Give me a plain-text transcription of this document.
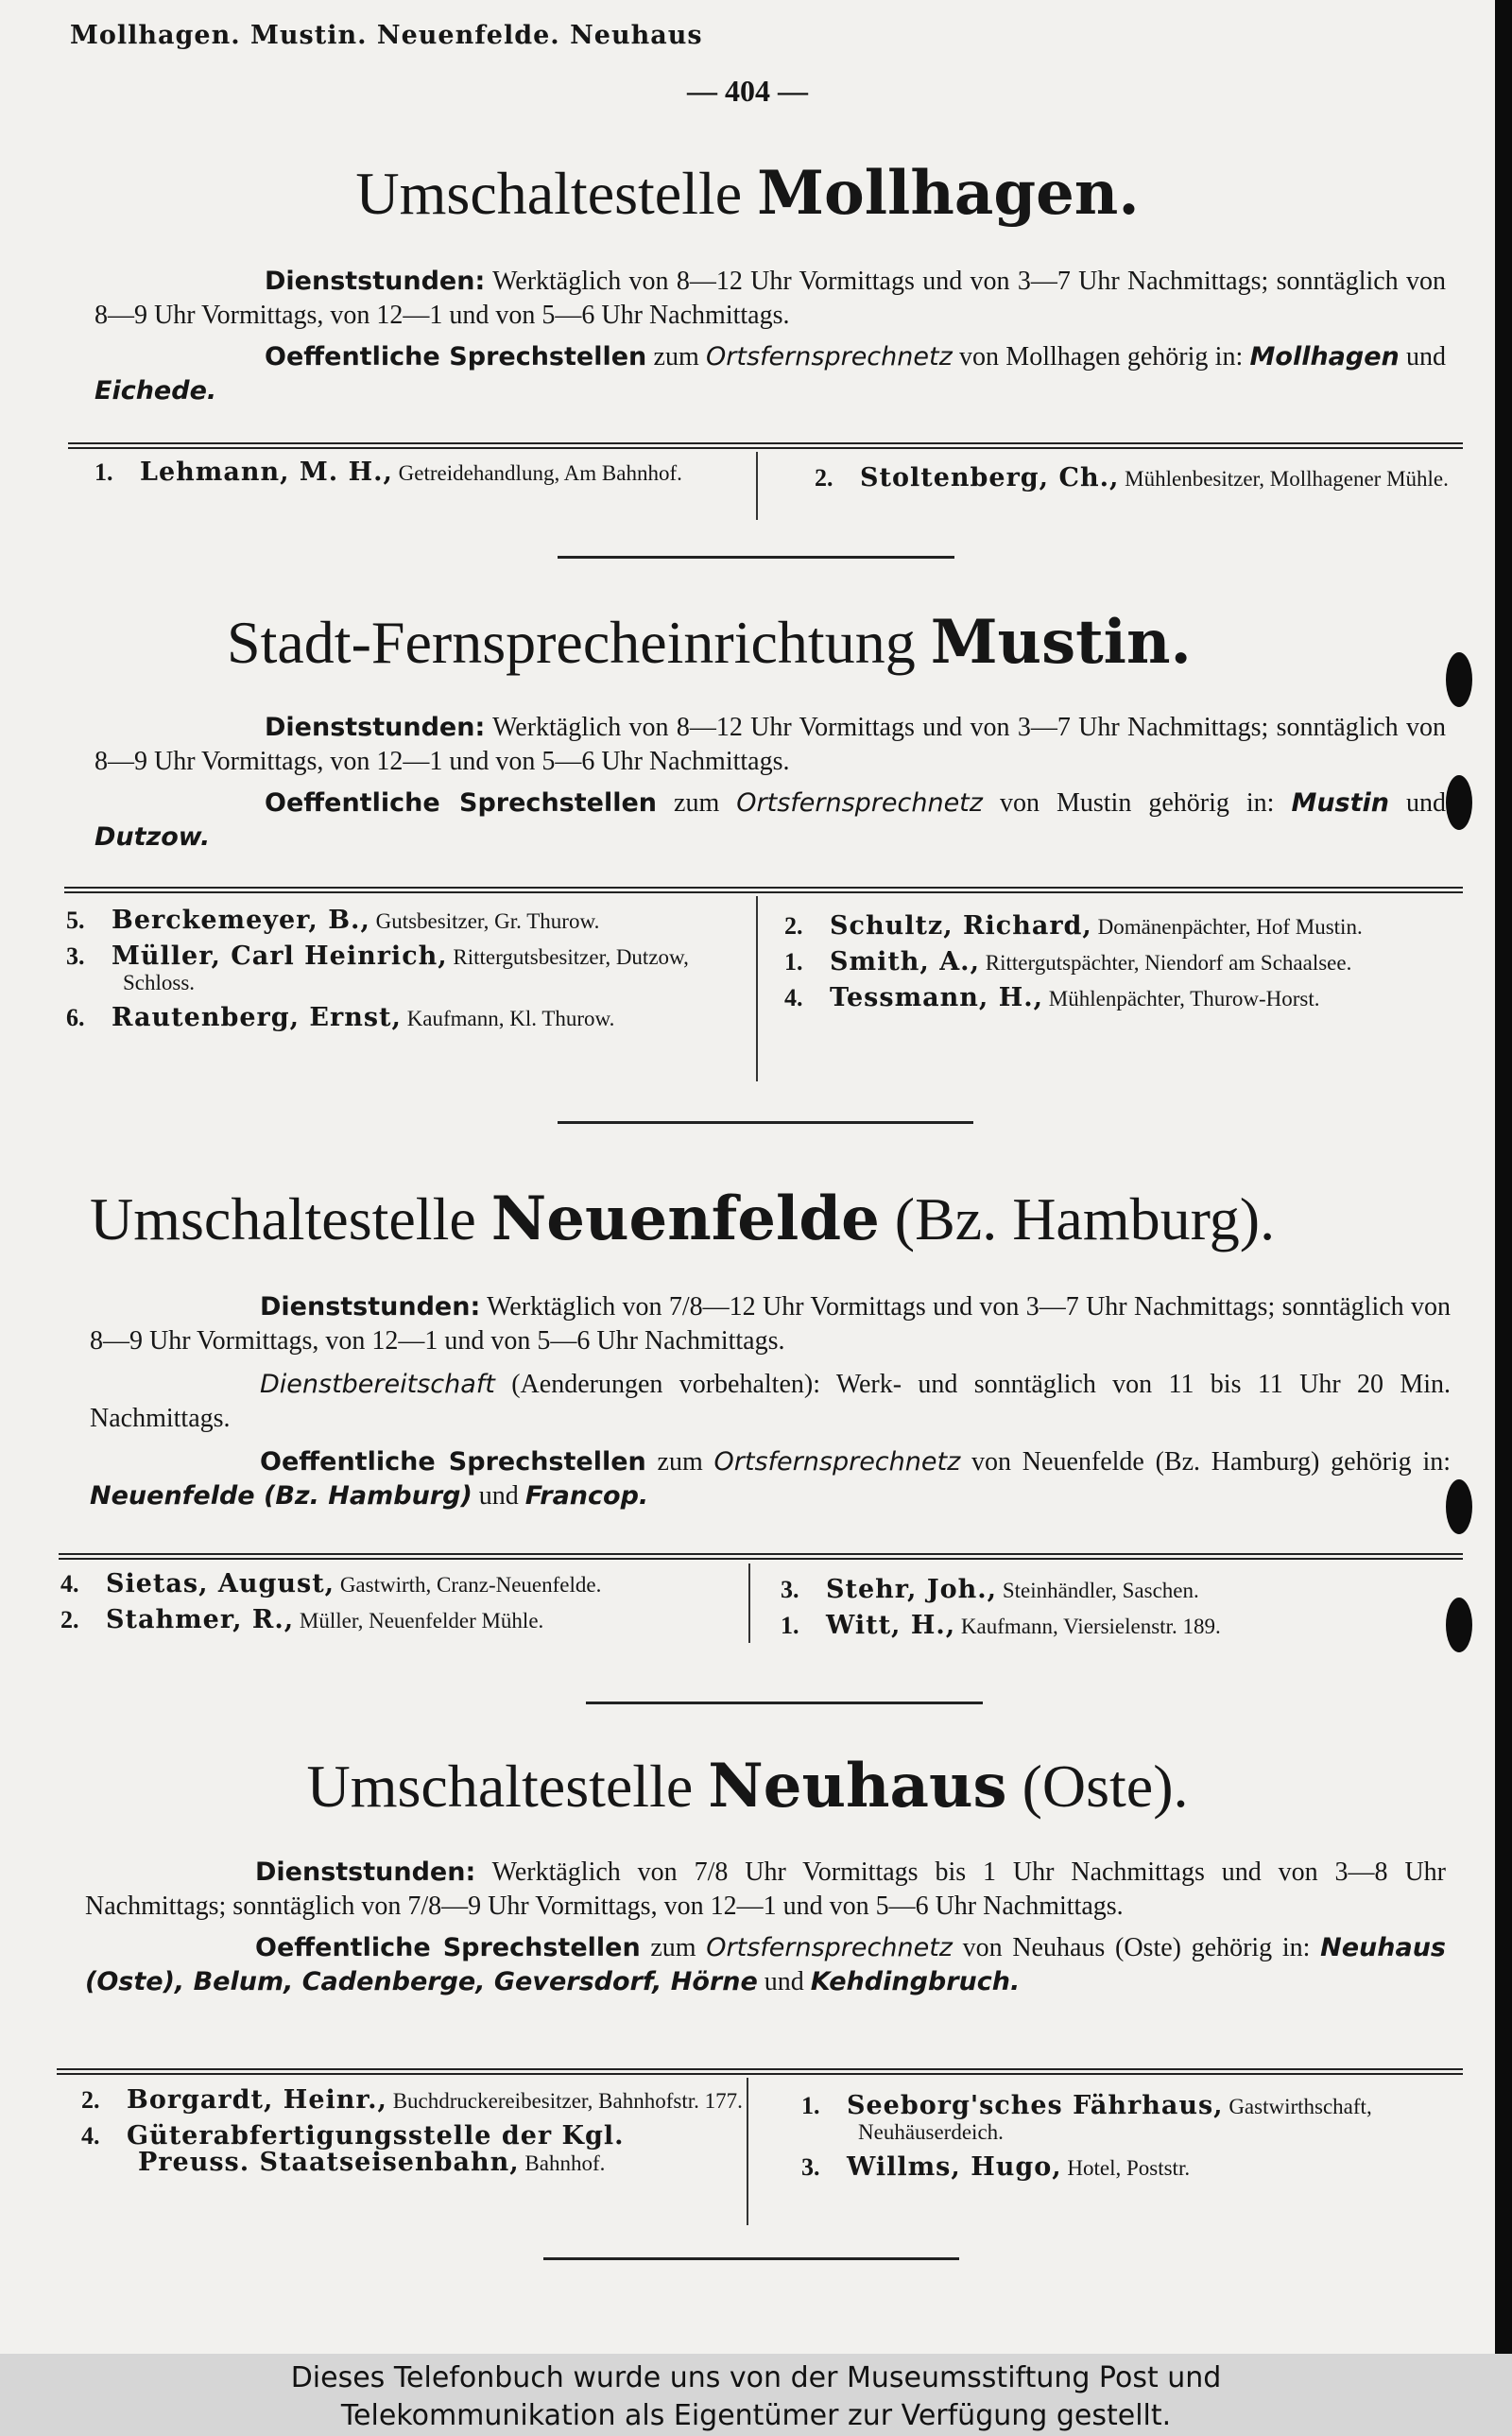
Mollhagen. Mustin. Neuenfelde. Neuhaus
— 404 —
Umschaltestelle Mollhagen.
Dienststunden: Werktäglich von 8—12 Uhr Vormittags und von 3—7 Uhr Nachmittags; sonntäglich von 8—9 Uhr Vormittags, von 12—1 und von 5—6 Uhr Nachmittags.
Oeffentliche Sprechstellen zum Ortsfernsprechnetz von Mollhagen gehörig in: Mollhagen und Eichede.
1. Lehmann, M. H., Getreidehandlung, Am Bahnhof.	2. Stoltenberg, Ch., Mühlenbesitzer, Mollhagener Mühle.
Stadt-Fernsprecheinrichtung Mustin.
Dienststunden: Werktäglich von 8—12 Uhr Vormittags und von 3—7 Uhr Nachmittags; sonntäglich von 8—9 Uhr Vormittags, von 12—1 und von 5—6 Uhr Nachmittags.
Oeffentliche Sprechstellen zum Ortsfernsprechnetz von Mustin gehörig in: Mustin und Dutzow.
5. Berckemeyer, B., Gutsbesitzer, Gr. Thurow.
3. Müller, Carl Heinrich, Rittergutsbesitzer, Dutzow, Schloss.
6. Rautenberg, Ernst, Kaufmann, Kl. Thurow.
2. Schultz, Richard, Domänenpächter, Hof Mustin.
1. Smith, A., Rittergutspächter, Niendorf am Schaalsee.
4. Tessmann, H., Mühlenpächter, Thurow-Horst.
Umschaltestelle Neuenfelde (Bz. Hamburg).
Dienststunden: Werktäglich von 7/8—12 Uhr Vormittags und von 3—7 Uhr Nachmittags; sonntäglich von 8—9 Uhr Vormittags, von 12—1 und von 5—6 Uhr Nachmittags.
Dienstbereitschaft (Aenderungen vorbehalten): Werk- und sonntäglich von 11 bis 11 Uhr 20 Min. Nachmittags.
Oeffentliche Sprechstellen zum Ortsfernsprechnetz von Neuenfelde (Bz. Hamburg) gehörig in: Neuenfelde (Bz. Hamburg) und Francop.
4. Sietas, August, Gastwirth, Cranz-Neuenfelde.
2. Stahmer, R., Müller, Neuenfelder Mühle.
3. Stehr, Joh., Steinhändler, Saschen.
1. Witt, H., Kaufmann, Viersielenstr. 189.
Umschaltestelle Neuhaus (Oste).
Dienststunden: Werktäglich von 7/8 Uhr Vormittags bis 1 Uhr Nachmittags und von 3—8 Uhr Nachmittags; sonntäglich von 7/8—9 Uhr Vormittags, von 12—1 und von 5—6 Uhr Nachmittags.
Oeffentliche Sprechstellen zum Ortsfernsprechnetz von Neuhaus (Oste) gehörig in: Neuhaus (Oste), Belum, Cadenberge, Geversdorf, Hörne und Kehdingbruch.
2. Borgardt, Heinr., Buchdruckereibesitzer, Bahnhofstr. 177.
4. Güterabfertigungsstelle der Kgl. Preuss. Staatseisenbahn, Bahnhof.
1. Seeborg'sches Fährhaus, Gastwirthschaft, Neuhäuserdeich.
3. Willms, Hugo, Hotel, Poststr.
Dieses Telefonbuch wurde uns von der Museumsstiftung Post und
Telekommunikation als Eigentümer zur Verfügung gestellt.
